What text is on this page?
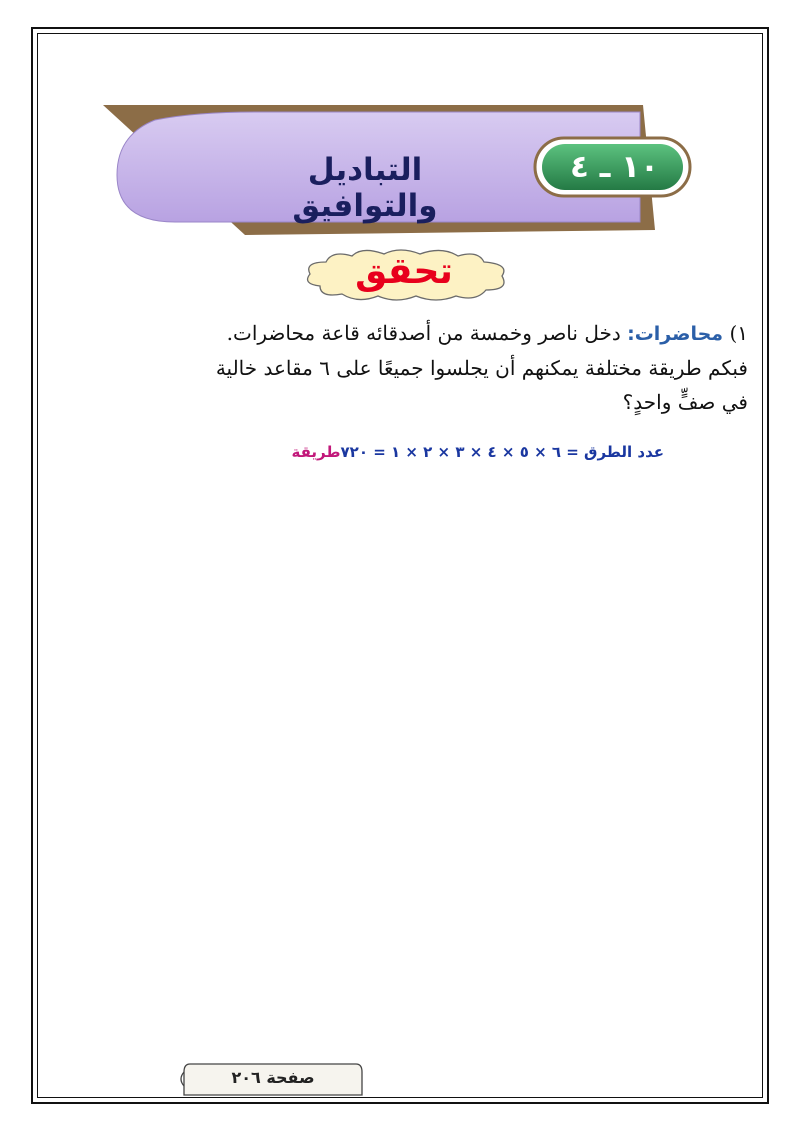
التباديل والتوافيق
١٠ ـ ٤
تحقق
١) محاضرات: دخل ناصر وخمسة من أصدقائه قاعة محاضرات.
فبكم طريقة مختلفة يمكنهم أن يجلسوا جميعًا على ٦ مقاعد خالية
في صفٍّ واحدٍ؟
عدد الطرق = ٦ × ٥ × ٤ × ٣ × ٢ × ١ = ٧٢٠طريقة
صفحة ٢٠٦
